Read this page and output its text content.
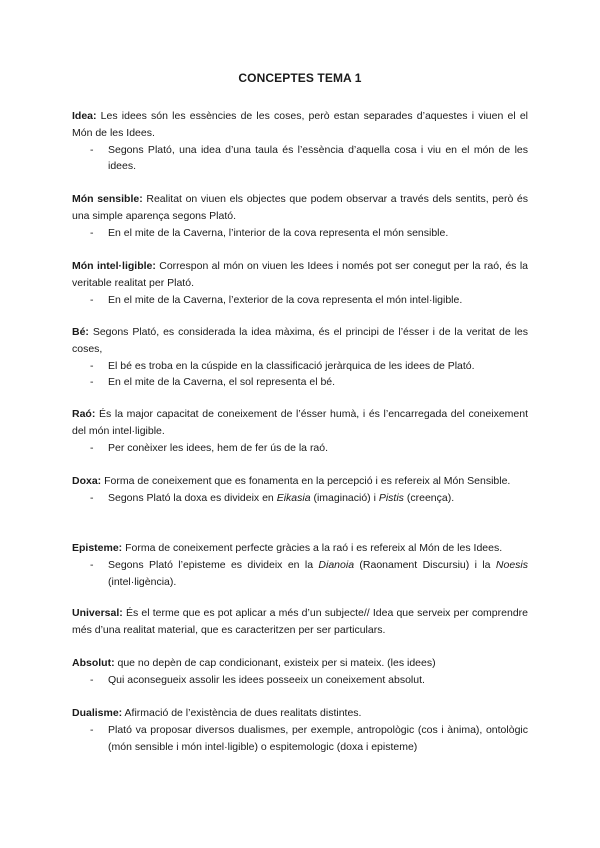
CONCEPTES TEMA 1

Idea: Les idees són les essències de les coses, però estan separades d’aquestes i viuen el el Món de les Idees.

- Segons Plató, una idea d’una taula és l’essència d’aquella cosa i viu en el món de les idees.

Món sensible: Realitat on viuen els objectes que podem observar a través dels sentits, però és una simple aparença segons Plató.

- En el mite de la Caverna, l’interior de la cova representa el món sensible.

Món intel·ligible: Correspon al món on viuen les Idees i només pot ser conegut per la raó, és la veritable realitat per Plató.

- En el mite de la Caverna, l’exterior de la cova representa el món intel·ligible.

Bé: Segons Plató, es considerada la idea màxima, és el principi de l’ésser i de la veritat de les coses,

- El bé es troba en la cúspide en la classificació jeràrquica de les idees de Plató.
- En el mite de la Caverna, el sol representa el bé.

Raó: És la major capacitat de coneixement de l’ésser humà, i és l’encarregada del coneixement del món intel·ligible.

- Per conèixer les idees, hem de fer ús de la raó.

Doxa: Forma de coneixement que es fonamenta en la percepció i es refereix al Món Sensible.

- Segons Plató la doxa es divideix en Eikasia (imaginació) i Pistis (creença).

Episteme: Forma de coneixement perfecte gràcies a la raó i es refereix al Món de les Idees.

- Segons Plató l’episteme es divideix en la Dianoia (Raonament Discursiu) i la Noesis (intel·ligència).

Universal: És el terme que es pot aplicar a més d’un subjecte// Idea que serveix per comprendre més d’una realitat material, que es caracteritzen per ser particulars.

Absolut: que no depèn de cap condicionant, existeix per si mateix. (les idees)

- Qui aconsegueix assolir les idees posseeix un coneixement absolut.

Dualisme: Afirmació de l’existència de dues realitats distintes.

- Plató va proposar diversos dualismes, per exemple, antropològic (cos i ànima), ontològic (món sensible i món intel·ligible) o espitemologic (doxa i episteme)
